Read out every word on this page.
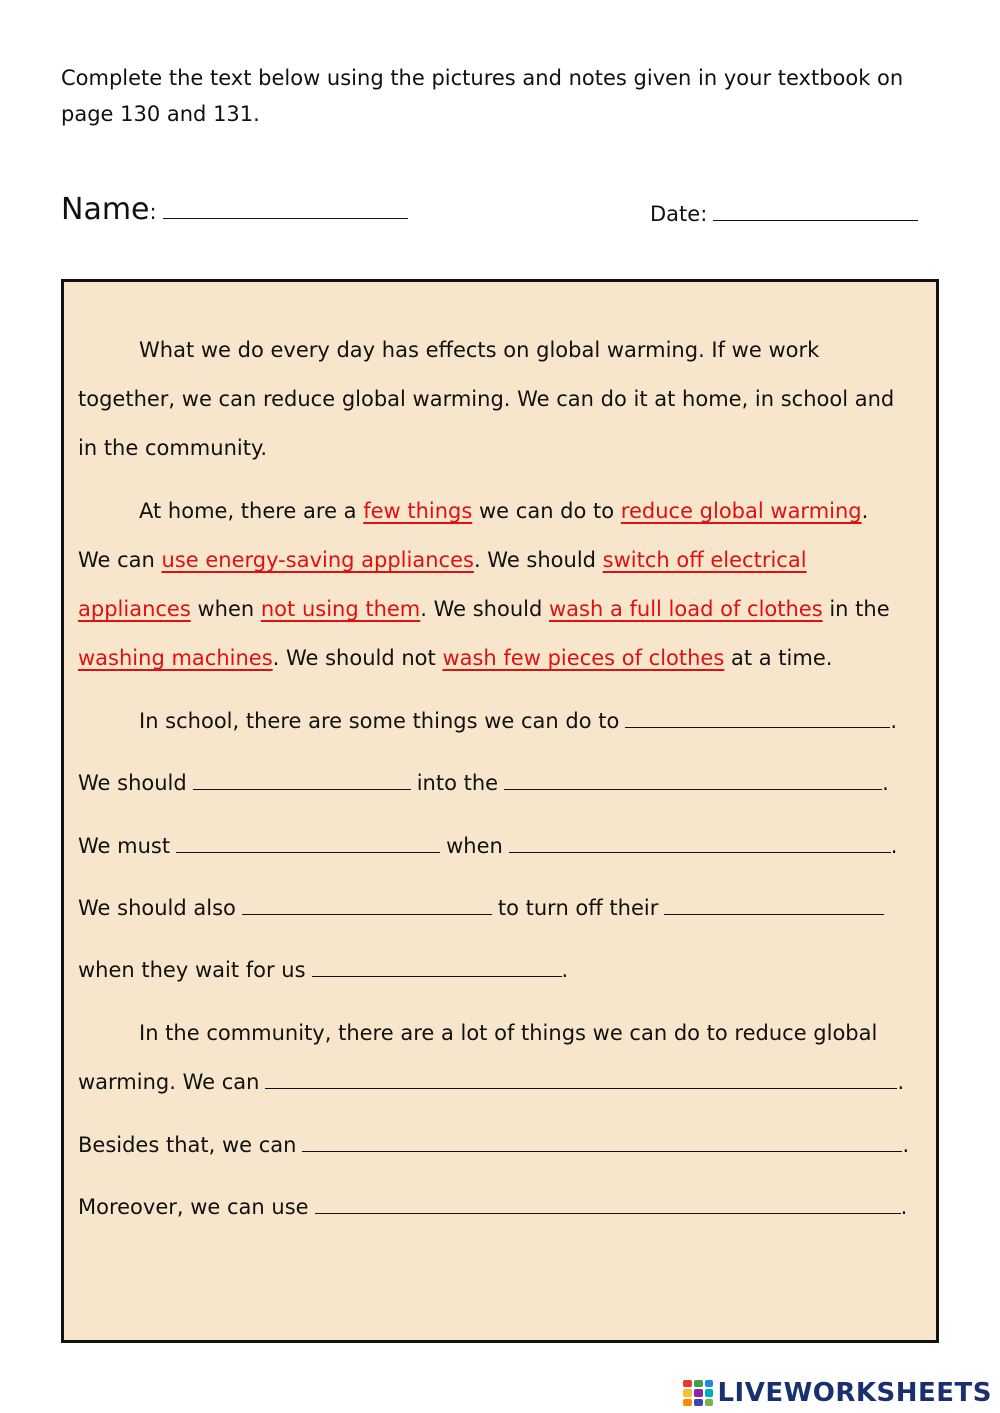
Complete the text below using the pictures and notes given in your textbook on page 130 and 131.
Name:	Date:
What we do every day has effects on global warming. If we work
together, we can reduce global warming. We can do it at home, in school and
in the community.
At home, there are a few things we can do to reduce global warming.
We can use energy-saving appliances. We should switch off electrical
appliances when not using them. We should wash a full load of clothes in the
washing machines. We should not wash few pieces of clothes at a time.
In school, there are some things we can do to	.
We should	into the	.
We must	when	.
We should also	to turn off their
when they wait for us	.
In the community, there are a lot of things we can do to reduce global
warming. We can	.
Besides that, we can	.
Moreover, we can use	.
LIVEWORKSHEETS
